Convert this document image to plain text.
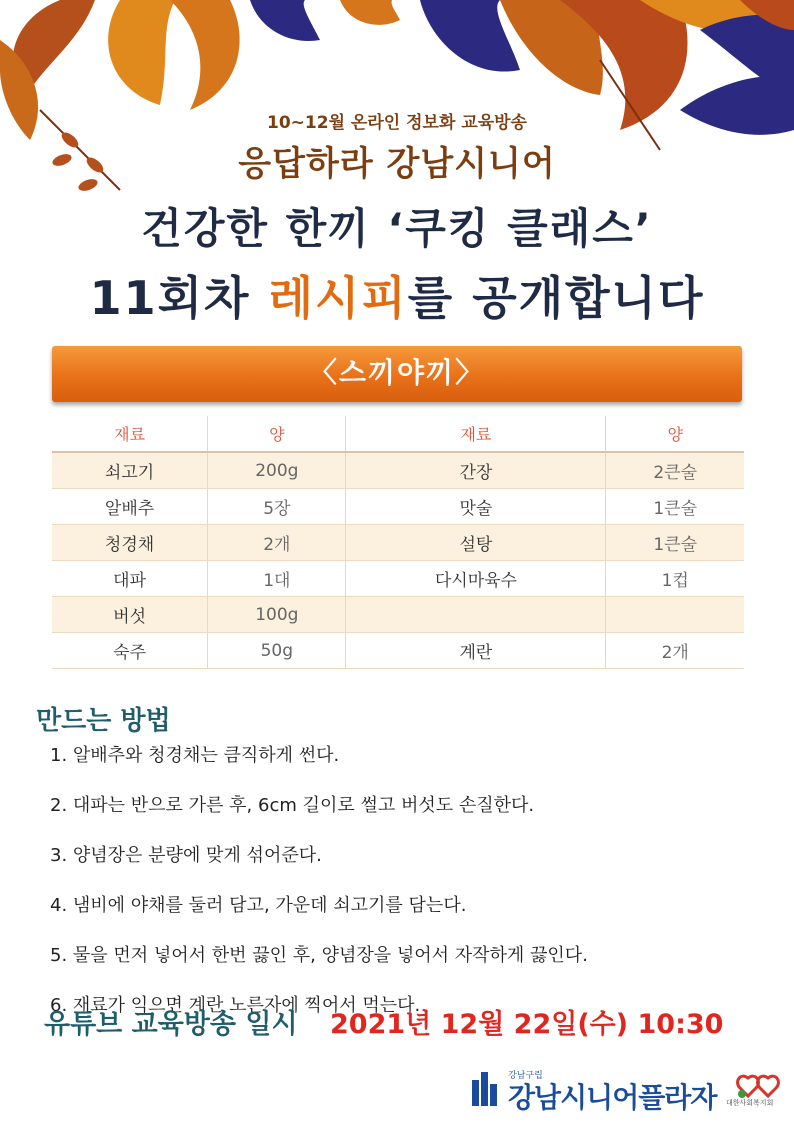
10~12월 온라인 정보화 교육방송
응답하라 강남시니어
건강한 한끼 ‘쿠킹 클래스’
11회차 레시피를 공개합니다
〈스끼야끼〉
재료	양	재료	양
쇠고기	200g	간장	2큰술
알배추	5장	맛술	1큰술
청경채	2개	설탕	1큰술
대파	1대	다시마육수	1컵
버섯	100g		
숙주	50g	계란	2개
만드는 방법
1. 알배추와 청경채는 큼직하게 썬다.
2. 대파는 반으로 가른 후, 6cm 길이로 썰고 버섯도 손질한다.
3. 양념장은 분량에 맞게 섞어준다.
4. 냄비에 야채를 둘러 담고, 가운데 쇠고기를 담는다.
5. 물을 먼저 넣어서 한번 끓인 후, 양념장을 넣어서 자작하게 끓인다.
6. 재료가 익으면 계란 노른자에 찍어서 먹는다.
유튜브 교육방송 일시 2021년 12월 22일(수) 10:30
강남구립
강남시니어플라자 대한사회복지회
